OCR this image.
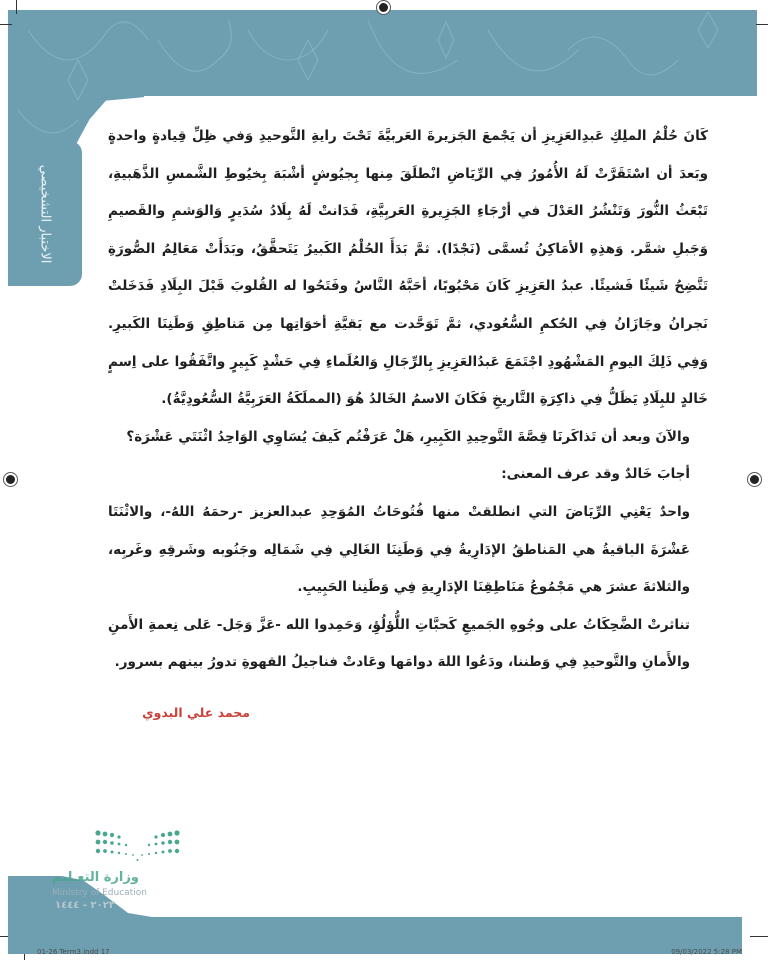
الاختبار التشخيصي

كَانَ حُلْمُ الملِكِ عَبدِالعَزِيزِ أن يَجْمعَ الجَزيرةَ العَربيَّةَ تَحْتَ رايةِ التَّوحيدِ وَفي ظِلِّ قِيادةٍ واحدةٍ وبَعدَ أن اسْتَقَرَّتْ لَهُ الأُمُورُ فِي الرِّيَاضِ انْطلَقَ مِنها بِجيُوشٍ أشْبَهَ بِخيُوطِ الشَّمسِ الذَّهَبيةِ، تَبْعَثُ النُّورَ وَتَنْشُرُ العَدْلَ في أرْجَاءِ الجَزِيرةِ العَربِيَّةِ، فَدَانتْ لَهُ بِلَادُ سُدَيرٍ وَالوَشمِ والقَصيمِ وَجَبلِ شمَّر. وَهذِهِ الأمَاكِنُ تُسمَّى (نَجْدًا). ثمَّ بَدَأَ الحُلْمُ الكَبيرُ يَتَحقَّقُ، وبَدَأَتْ مَعَالِمُ الصُّورَةِ تَتَّضِحُ شَيئًا فَشيئًا. عبدُ العَزِيزِ كَانَ مَحْبُوبًا، أحَبَّهُ النَّاسُ وفَتَحُوا له القُلوبَ قَبْلَ البِلَادِ فَدَخَلتْ نَجرانُ وجَازَانُ فِي الحُكمِ السُّعُودي، ثمَّ تَوَحَّدت مع بَقيَّةِ أخوَاتِها مِن مَناطِقِ وَطَنِنَا الكَبيرِ. وَفِي ذَلِكَ اليومِ المَشْهُودِ اجْتَمَعَ عَبدُالعَزِيزِ بِالرِّجَالِ وَالعُلَماءِ فِي حَشْدٍ كَبِيرٍ واتَّفَقُوا على اِسمٍ خَالدٍ للبِلَادِ يَظَلُّ فِي ذاكِرَةِ التَّاريخِ فَكَانَ الاسمُ الخَالدُ هُوَ (المملَكَةُ العَرَبِيَّةُ السُّعُودِيَّةُ).

والآنَ وبعد أن تَذاكَرنَا قِصَّةَ التَّوحِيدِ الكَبِيرِ، هَلْ عَرَفْتُم كَيفَ يُسَاوِي الوَاحِدُ اثْنَتَي عَشْرَة؟

أجابَ خَالدٌ وقد عرف المعنى:

واحدٌ يَعْنِي الرِّيَاضَ التي انطلقتْ منها فُتُوحَاتُ المُوَحِدِ عبدالعزيز -رحمَهُ اللهُ-، والاثْنَتَا عَشْرَةَ الباقيةُ هي المَناطقُ الإدَارِيةُ فِي وَطَنِنَا الغَالِي فِي شَمَالِه وجَنُوبه وشَرقِهِ وغَربِه، والثلاثةَ عشرَ هي مَجْمُوعُ مَنَاطِقِنَا الإدَارِيةِ فِي وَطَنِنا الحَبِيبِ.

تناثرتْ الضَّحِكَاتُ على وجُوهِ الجَميعِ كَحبَّاتِ اللُّؤلُؤِ، وَحَمِدوا الله -عَزَّ وَجَل- عَلى نِعمةِ الأَمنِ والأَمانِ والتَّوحيدِ فِي وَطننا، ودَعُوا اللهَ دوامَها وعَادتْ فناجيلُ القهوةِ تدورُ بينهم بسرور.

محمد علي البدوي
وزارة التعـليم
Ministry of Education
٢٠٢٣ - ١٤٤٤
01-26 Term3.indd 17	09/03/2022 5:28 PM
